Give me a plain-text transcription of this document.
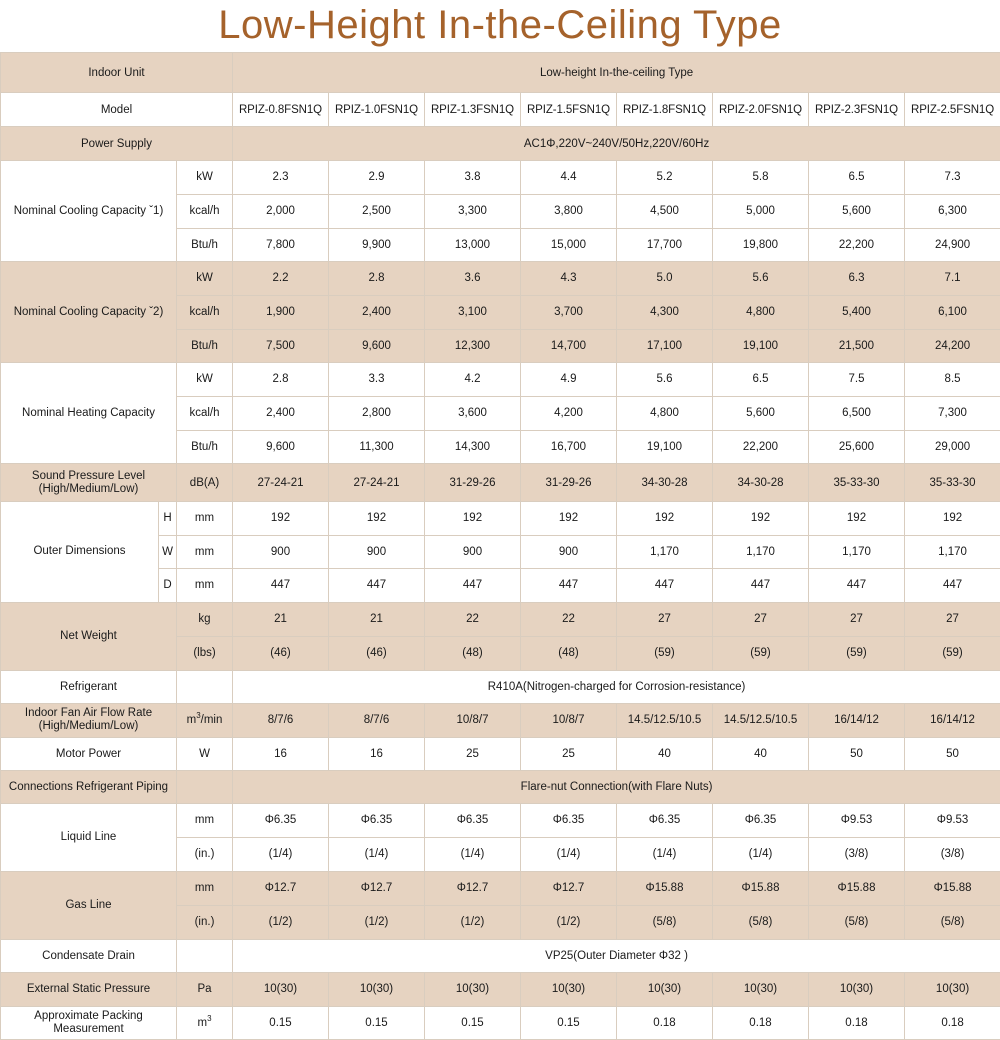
Low-Height In-the-Ceiling Type
Indoor Unit			Low-height In-the-ceiling Type							
Model			RPIZ-0.8FSN1Q	RPIZ-1.0FSN1Q	RPIZ-1.3FSN1Q	RPIZ-1.5FSN1Q	RPIZ-1.8FSN1Q	RPIZ-2.0FSN1Q	RPIZ-2.3FSN1Q	RPIZ-2.5FSN1Q
Power Supply			AC1Φ,220V~240V/50Hz,220V/60Hz							
Nominal Cooling Capacity ˇ1)		kW	2.3	2.9	3.8	4.4	5.2	5.8	6.5	7.3
		kcal/h	2,000	2,500	3,300	3,800	4,500	5,000	5,600	6,300
		Btu/h	7,800	9,900	13,000	15,000	17,700	19,800	22,200	24,900
Nominal Cooling Capacity ˇ2)		kW	2.2	2.8	3.6	4.3	5.0	5.6	6.3	7.1
		kcal/h	1,900	2,400	3,100	3,700	4,300	4,800	5,400	6,100
		Btu/h	7,500	9,600	12,300	14,700	17,100	19,100	21,500	24,200
Nominal Heating Capacity		kW	2.8	3.3	4.2	4.9	5.6	6.5	7.5	8.5
		kcal/h	2,400	2,800	3,600	4,200	4,800	5,600	6,500	7,300
		Btu/h	9,600	11,300	14,300	16,700	19,100	22,200	25,600	29,000

Sound Pressure Level
(High/Medium/Low)		dB(A)	27-24-21	27-24-21	31-29-26	31-29-26	34-30-28	34-30-28	35-33-30	35-33-30
Outer Dimensions	H	mm	192	192	192	192	192	192	192	192
	W	mm	900	900	900	900	1,170	1,170	1,170	1,170
	D	mm	447	447	447	447	447	447	447	447
Net Weight		kg	21	21	22	22	27	27	27	27
		(lbs)	(46)	(46)	(48)	(48)	(59)	(59)	(59)	(59)
Refrigerant			R410A(Nitrogen-charged for Corrosion-resistance)							

Indoor Fan Air Flow Rate
(High/Medium/Low)		$m^3/\min$	8/7/6	8/7/6	10/8/7	10/8/7	14.5/12.5/10.5	14.5/12.5/10.5	16/14/12	16/14/12
Motor Power		W	16	16	25	25	40	40	50	50
Connections Refrigerant Piping			Flare-nut Connection(with Flare Nuts)							
Liquid Line		mm	Φ6.35	Φ6.35	Φ6.35	Φ6.35	Φ6.35	Φ6.35	Φ9.53	Φ9.53
		(in.)	(1/4)	(1/4)	(1/4)	(1/4)	(1/4)	(1/4)	(3/8)	(3/8)
Gas Line		mm	Φ12.7	Φ12.7	Φ12.7	Φ12.7	Φ15.88	Φ15.88	Φ15.88	Φ15.88
		(in.)	(1/2)	(1/2)	(1/2)	(1/2)	(5/8)	(5/8)	(5/8)	(5/8)
Condensate Drain			VP25(Outer Diameter Φ32 )							
External Static Pressure		Pa	10(30)	10(30)	10(30)	10(30)	10(30)	10(30)	10(30)	10(30)

Approximate Packing
Measurement		$m^3$	0.15	0.15	0.15	0.15	0.18	0.18	0.18	0.18
